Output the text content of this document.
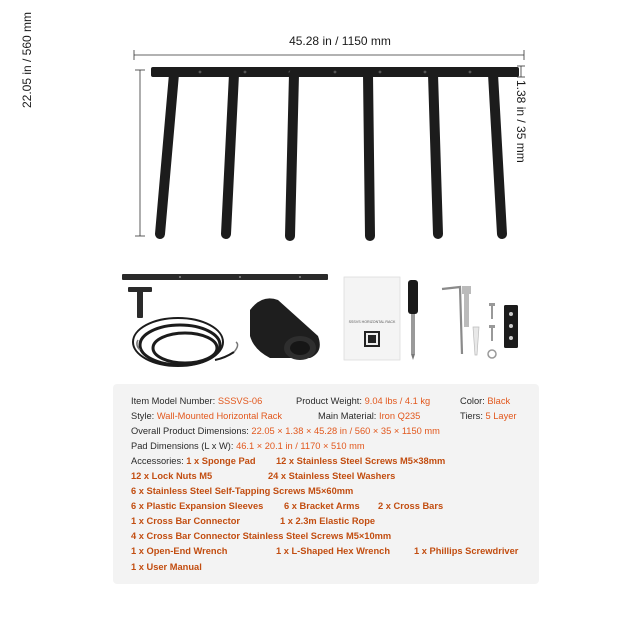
45.28 in / 1150 mm
22.05 in / 560 mm
1.38 in / 35 mm
SSSVS HORIZONTAL RACK
Item Model Number: SSSVS-06	Product Weight: 9.04 lbs / 4.1 kg	Color: Black
Style: Wall-Mounted Horizontal Rack	Main Material: Iron Q235	Tiers: 5 Layer
Overall Product Dimensions: 22.05 × 1.38 × 45.28 in / 560 × 35 × 1150 mm
Pad Dimensions (L x W): 46.1 × 20.1 in / 1170 × 510 mm
Accessories: 1 x Sponge Pad 12 x Stainless Steel Screws M5×38mm
12 x Lock Nuts M5	24 x Stainless Steel Washers
6 x Stainless Steel Self-Tapping Screws M5×60mm
6 x Plastic Expansion Sleeves 6 x Bracket Arms 2 x Cross Bars
1 x Cross Bar Connector	1 x 2.3m Elastic Rope
4 x Cross Bar Connector Stainless Steel Screws M5×10mm
1 x Open-End Wrench	1 x L-Shaped Hex Wrench	1 x Phillips Screwdriver
1 x User Manual
